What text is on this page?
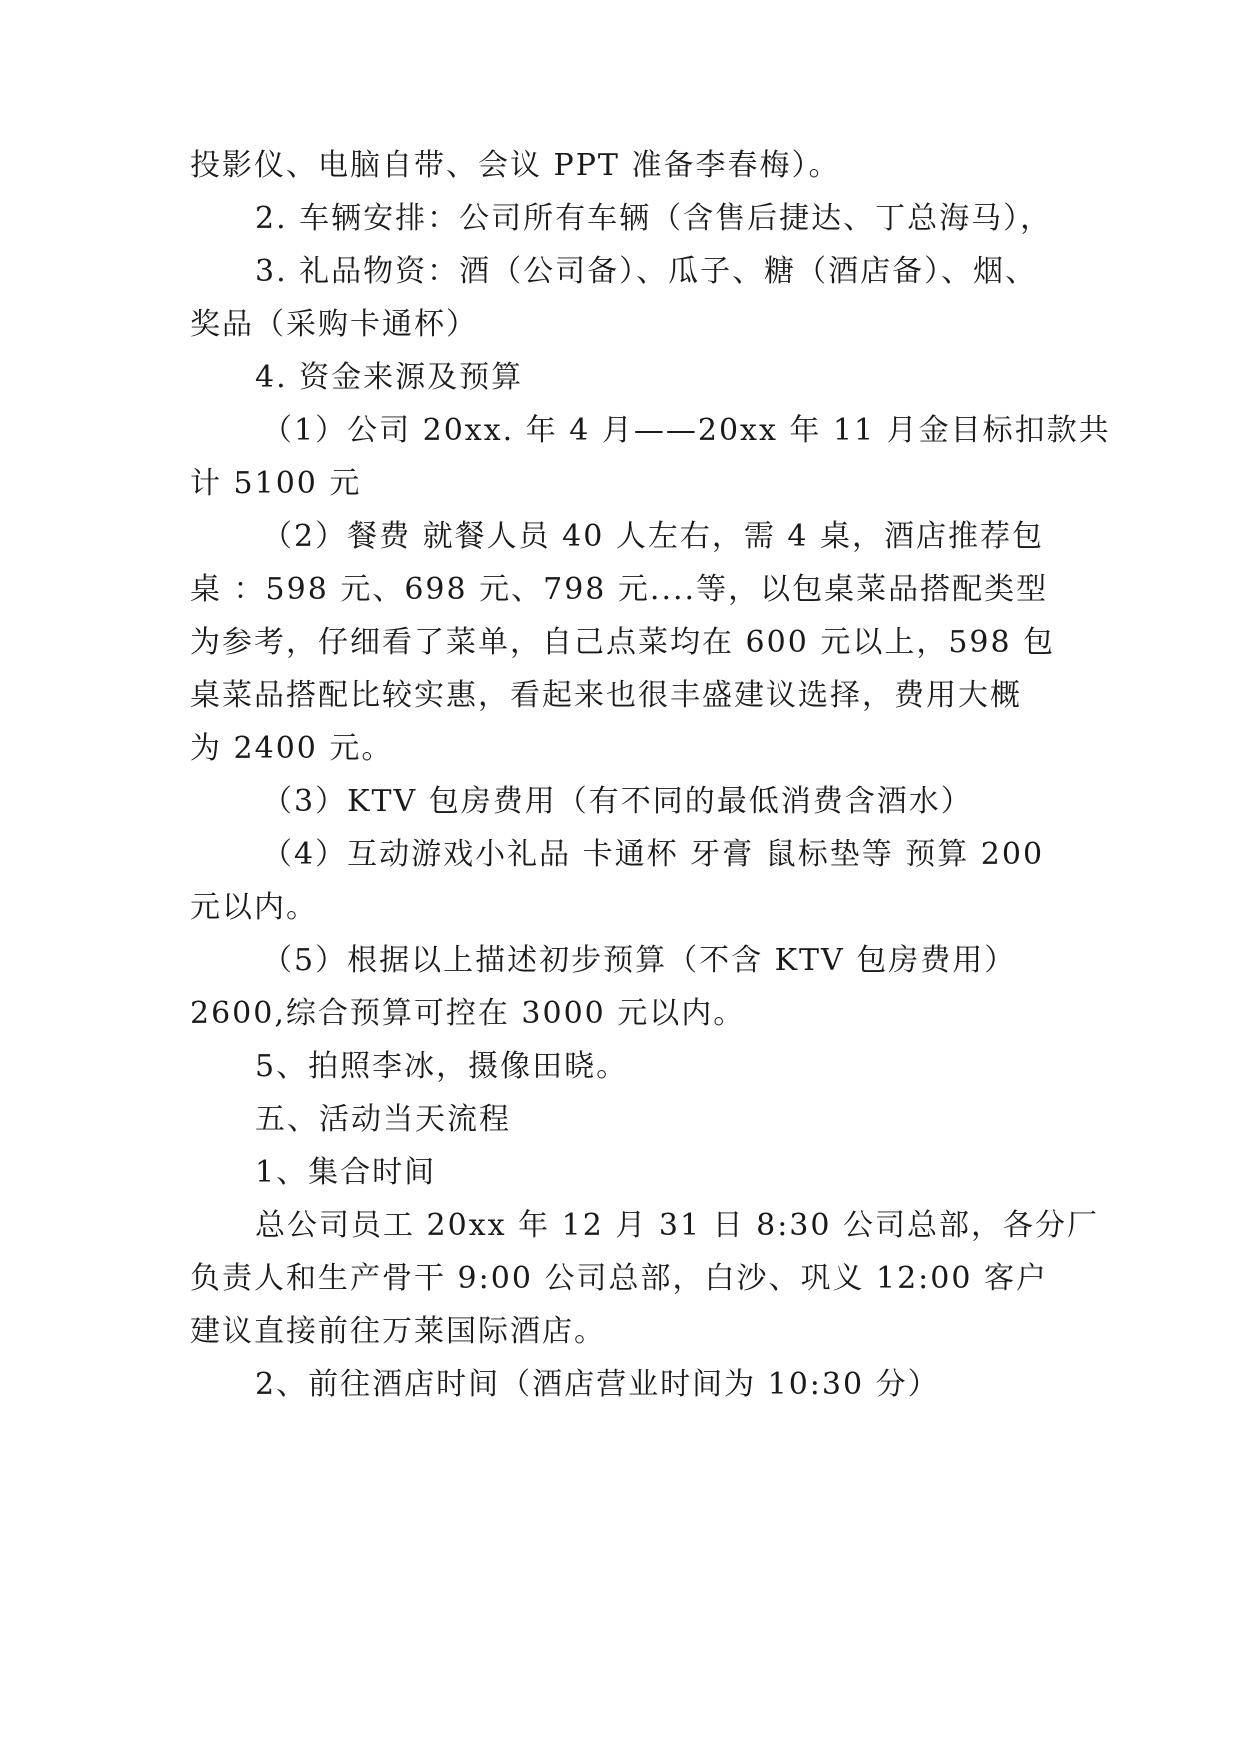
投影仪、电脑自带、会议 PPT 准备李春梅）。
2. 车辆安排：公司所有车辆（含售后捷达、丁总海马），
3. 礼品物资：酒（公司备）、瓜子、糖（酒店备）、烟、
奖品（采购卡通杯）
4. 资金来源及预算
（1）公司 20xx. 年 4 月——20xx 年 11 月金目标扣款共
计 5100 元
（2）餐费 就餐人员 40 人左右，需 4 桌，酒店推荐包
桌 ：598 元、698 元、798 元....等，以包桌菜品搭配类型
为参考，仔细看了菜单，自己点菜均在 600 元以上，598 包
桌菜品搭配比较实惠，看起来也很丰盛建议选择，费用大概
为 2400 元。
（3）KTV 包房费用（有不同的最低消费含酒水）
（4）互动游戏小礼品 卡通杯 牙膏 鼠标垫等 预算 200
元以内。
（5）根据以上描述初步预算（不含 KTV 包房费用）
2600,综合预算可控在 3000 元以内。
5、拍照李冰，摄像田晓。
五、活动当天流程
1、集合时间
总公司员工 20xx 年 12 月 31 日 8:30 公司总部，各分厂
负责人和生产骨干 9:00 公司总部，白沙、巩义 12:00 客户
建议直接前往万莱国际酒店。
2、前往酒店时间（酒店营业时间为 10:30 分）
